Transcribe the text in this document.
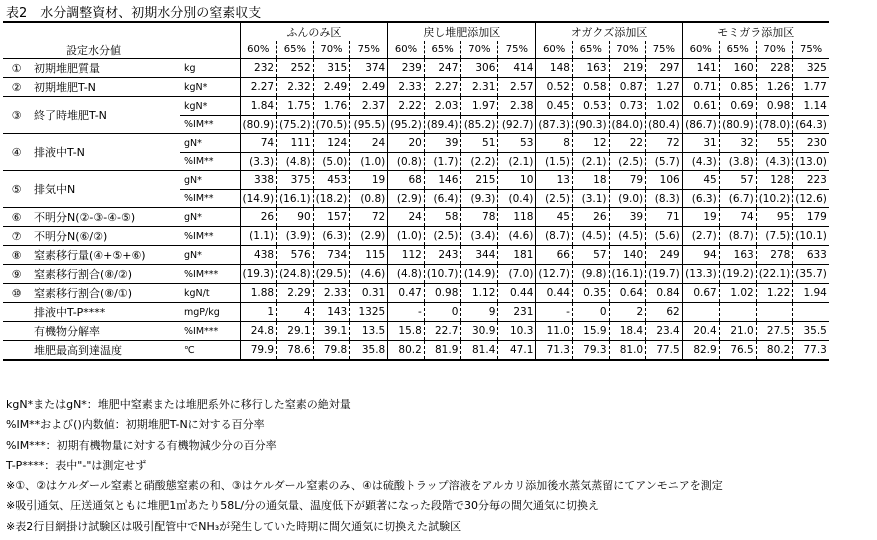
表2　水分調整資材、初期水分別の窒素収支
			ふんのみ区				戻し堆肥添加区				オガクズ添加区				モミガラ添加区			
	設定水分値		60%	65%	70%	75%	60%	65%	70%	75%	60%	65%	70%	75%	60%	65%	70%	75%
①	初期堆肥質量	kg	232	252	315	374	239	247	306	414	148	163	219	297	141	160	228	325
②	初期堆肥T-N	kgN*	2.27	2.32	2.49	2.49	2.33	2.27	2.31	2.57	0.52	0.58	0.87	1.27	0.71	0.85	1.26	1.77
③	終了時堆肥T-N	kgN*	1.84	1.75	1.76	2.37	2.22	2.03	1.97	2.38	0.45	0.53	0.73	1.02	0.61	0.69	0.98	1.14
		%IM**	(80.9)	(75.2)	(70.5)	(95.5)	(95.2)	(89.4)	(85.2)	(92.7)	(87.3)	(90.3)	(84.0)	(80.4)	(86.7)	(80.9)	(78.0)	(64.3)
④	排液中T-N	gN*	74	111	124	24	20	39	51	53	8	12	22	72	31	32	55	230
		%IM**	(3.3)	(4.8)	(5.0)	(1.0)	(0.8)	(1.7)	(2.2)	(2.1)	(1.5)	(2.1)	(2.5)	(5.7)	(4.3)	(3.8)	(4.3)	(13.0)
⑤	排気中N	gN*	338	375	453	19	68	146	215	10	13	18	79	106	45	57	128	223
		%IM**	(14.9)	(16.1)	(18.2)	(0.8)	(2.9)	(6.4)	(9.3)	(0.4)	(2.5)	(3.1)	(9.0)	(8.3)	(6.3)	(6.7)	(10.2)	(12.6)
⑥	不明分N(②-③-④-⑤)	gN*	26	90	157	72	24	58	78	118	45	26	39	71	19	74	95	179
⑦	不明分N(⑥/②)	%IM**	(1.1)	(3.9)	(6.3)	(2.9)	(1.0)	(2.5)	(3.4)	(4.6)	(8.7)	(4.5)	(4.5)	(5.6)	(2.7)	(8.7)	(7.5)	(10.1)
⑧	窒素移行量(④+⑤+⑥)	gN*	438	576	734	115	112	243	344	181	66	57	140	249	94	163	278	633
⑨	窒素移行割合(⑧/②)	%IM***	(19.3)	(24.8)	(29.5)	(4.6)	(4.8)	(10.7)	(14.9)	(7.0)	(12.7)	(9.8)	(16.1)	(19.7)	(13.3)	(19.2)	(22.1)	(35.7)
⑩	窒素移行割合(⑧/①)	kgN/t	1.88	2.29	2.33	0.31	0.47	0.98	1.12	0.44	0.44	0.35	0.64	0.84	0.67	1.02	1.22	1.94
	排液中T-P****	mgP/kg	1	4	143	1325	-	0	9	231	-	0	2	62				
	有機物分解率	%IM***	24.8	29.1	39.1	13.5	15.8	22.7	30.9	10.3	11.0	15.9	18.4	23.4	20.4	21.0	27.5	35.5
	堆肥最高到達温度	℃	79.9	78.6	79.8	35.8	80.2	81.9	81.4	47.1	71.3	79.3	81.0	77.5	82.9	76.5	80.2	77.3
kgN*またはgN*：堆肥中窒素または堆肥系外に移行した窒素の絶対量
%IM**および()内数値：初期堆肥T-Nに対する百分率
%IM***：初期有機物量に対する有機物減少分の百分率
T-P****：表中"-"は測定せず
※①、②はケルダール窒素と硝酸態窒素の和、③はケルダール窒素のみ、④は硫酸トラップ溶液をアルカリ添加後水蒸気蒸留にてアンモニアを測定
※吸引通気、圧送通気ともに堆肥1㎥あたり58L/分の通気量、温度低下が顕著になった段階で30分毎の間欠通気に切換え
※表2行目網掛け試験区は吸引配管中でNH₃が発生していた時期に間欠通気に切換えた試験区
